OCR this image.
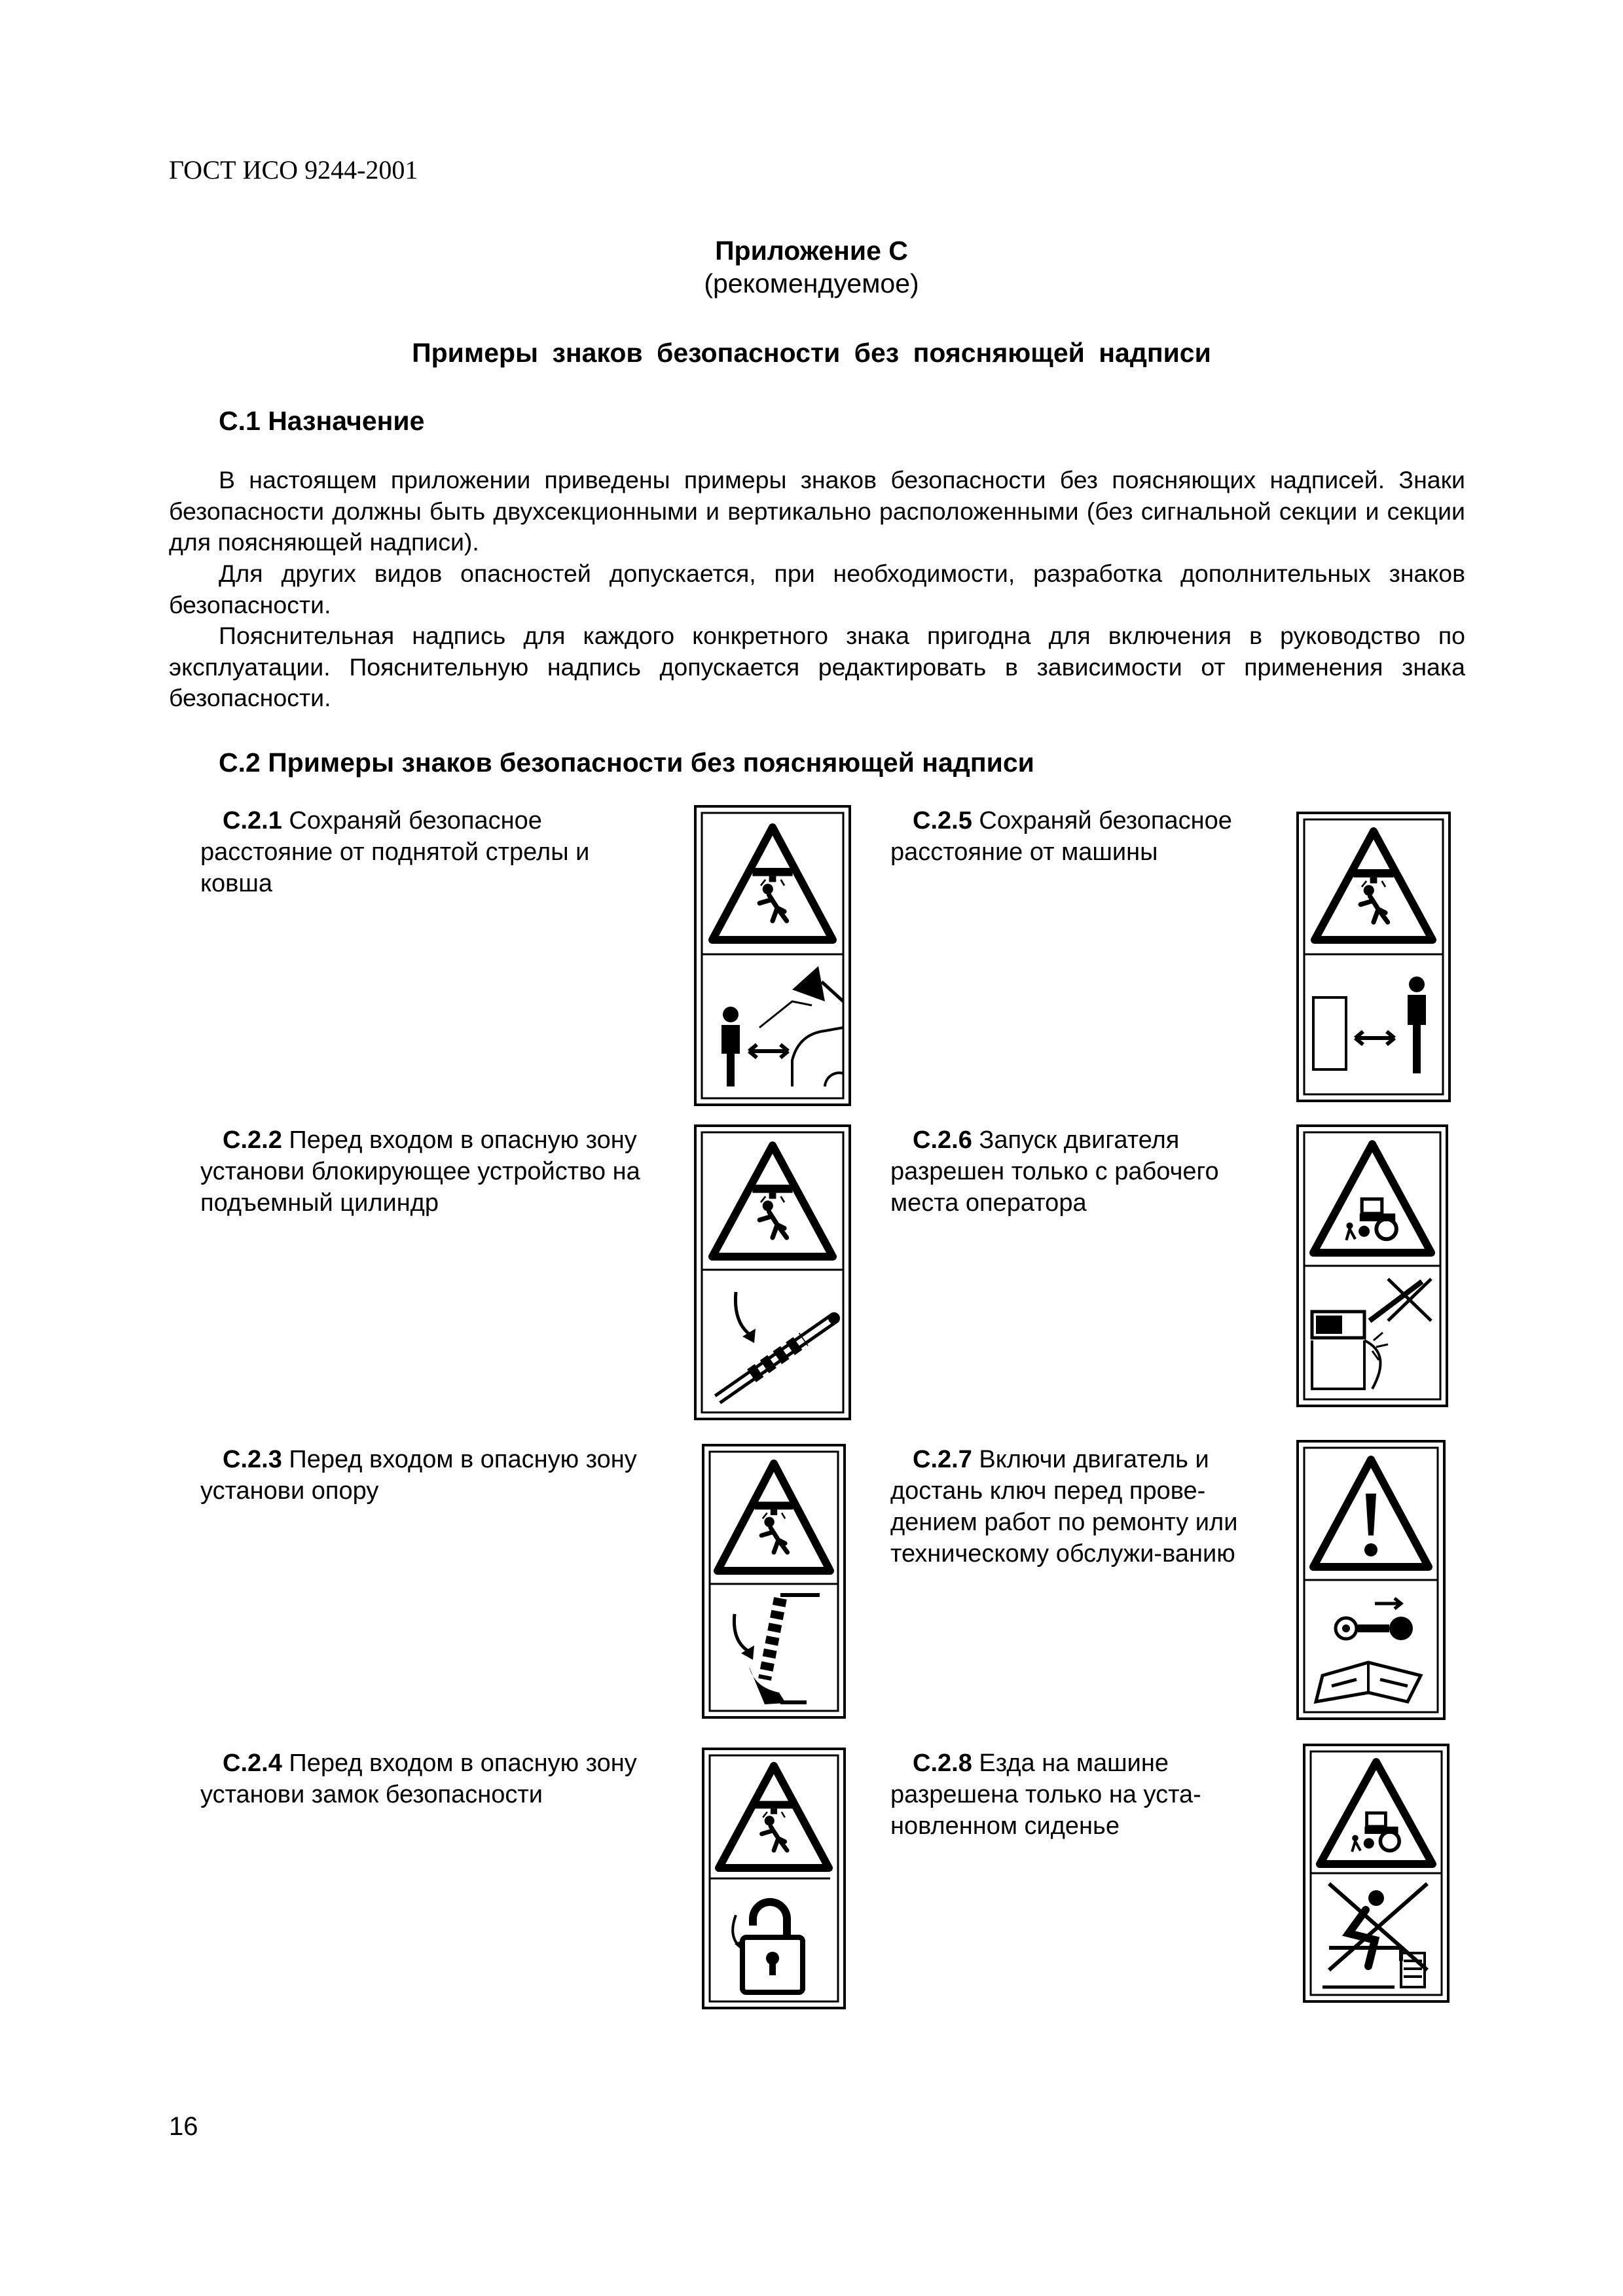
ГОСТ ИСО 9244-2001
Приложение С
(рекомендуемое)
Примеры знаков безопасности без поясняющей надписи
С.1 Назначение

В настоящем приложении приведены примеры знаков безопасности без поясняющих надписей. Знаки безопасности должны быть двухсекционными и вертикально расположенными (без сигнальной секции и секции для поясняющей надписи).

Для других видов опасностей допускается, при необходимости, разработка дополнительных знаков безопасности.

Пояснительная надпись для каждого конкретного знака пригодна для включения в руководство по эксплуатации. Пояснительную надпись допускается редактировать в зависимости от применения знака безопасности.

С.2 Примеры знаков безопасности без поясняющей надписи

С.2.1 Сохраняй безопасное расстояние от поднятой стрелы и ковша

С.2.2 Перед входом в опасную зону установи блокирующее устройство на подъемный цилиндр

С.2.3 Перед входом в опасную зону установи опору

С.2.4 Перед входом в опасную зону установи замок безопасности

С.2.5 Сохраняй безопасное расстояние от машины

С.2.6 Запуск двигателя разрешен только с рабочего места оператора

С.2.7 Включи двигатель и достань ключ перед прове-дением работ по ремонту или техническому обслужи-ванию

С.2.8 Езда на машине разрешена только на уста-новленном сиденье

16
